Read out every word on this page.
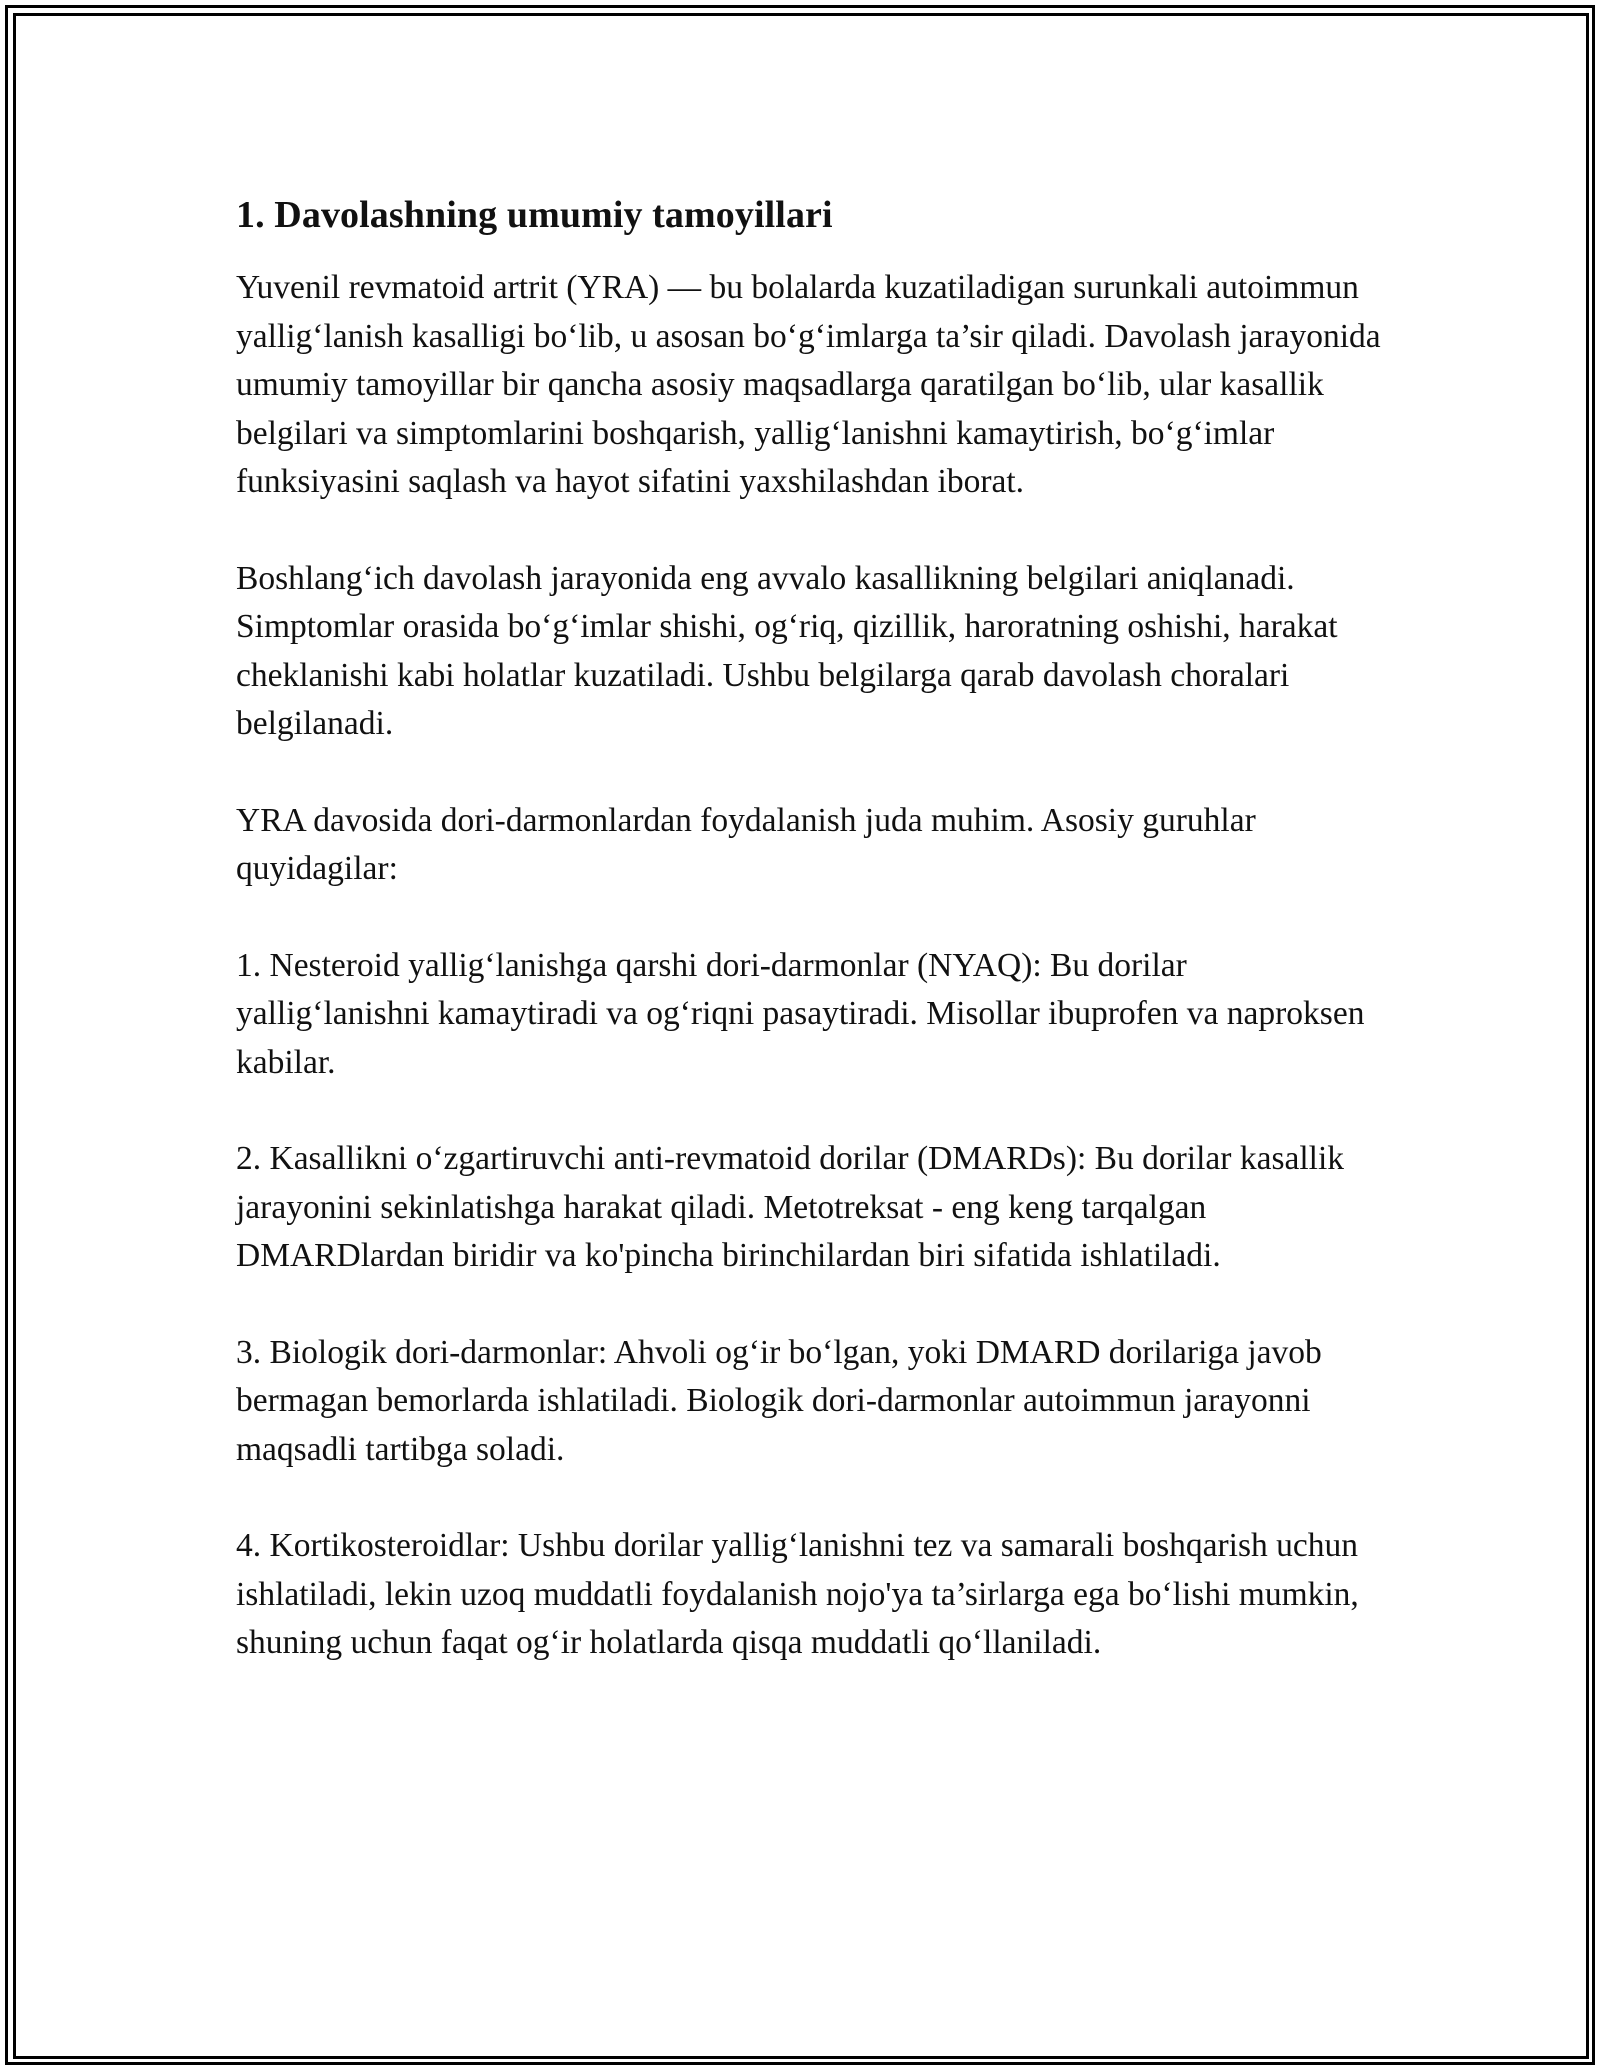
1. Davolashning umumiy tamoyillari

Yuvenil revmatoid artrit (YRA) — bu bolalarda kuzatiladigan surunkali autoimmun yallig‘lanish kasalligi bo‘lib, u asosan bo‘g‘imlarga ta’sir qiladi. Davolash jarayonida umumiy tamoyillar bir qancha asosiy maqsadlarga qaratilgan bo‘lib, ular kasallik belgilari va simptomlarini boshqarish, yallig‘lanishni kamaytirish, bo‘g‘imlar funksiyasini saqlash va hayot sifatini yaxshilashdan iborat.

Boshlang‘ich davolash jarayonida eng avvalo kasallikning belgilari aniqlanadi. Simptomlar orasida bo‘g‘imlar shishi, og‘riq, qizillik, haroratning oshishi, harakat cheklanishi kabi holatlar kuzatiladi. Ushbu belgilarga qarab davolash choralari belgilanadi.

YRA davosida dori-darmonlardan foydalanish juda muhim. Asosiy guruhlar quyidagilar:

1. Nesteroid yallig‘lanishga qarshi dori-darmonlar (NYAQ): Bu dorilar yallig‘lanishni kamaytiradi va og‘riqni pasaytiradi. Misollar ibuprofen va naproksen kabilar.

2. Kasallikni o‘zgartiruvchi anti-revmatoid dorilar (DMARDs): Bu dorilar kasallik jarayonini sekinlatishga harakat qiladi. Metotreksat - eng keng tarqalgan DMARDlardan biridir va ko'pincha birinchilardan biri sifatida ishlatiladi.

3. Biologik dori-darmonlar: Ahvoli og‘ir bo‘lgan, yoki DMARD dorilariga javob bermagan bemorlarda ishlatiladi. Biologik dori-darmonlar autoimmun jarayonni maqsadli tartibga soladi.

4. Kortikosteroidlar: Ushbu dorilar yallig‘lanishni tez va samarali boshqarish uchun ishlatiladi, lekin uzoq muddatli foydalanish nojo'ya ta’sirlarga ega bo‘lishi mumkin, shuning uchun faqat og‘ir holatlarda qisqa muddatli qo‘llaniladi.
